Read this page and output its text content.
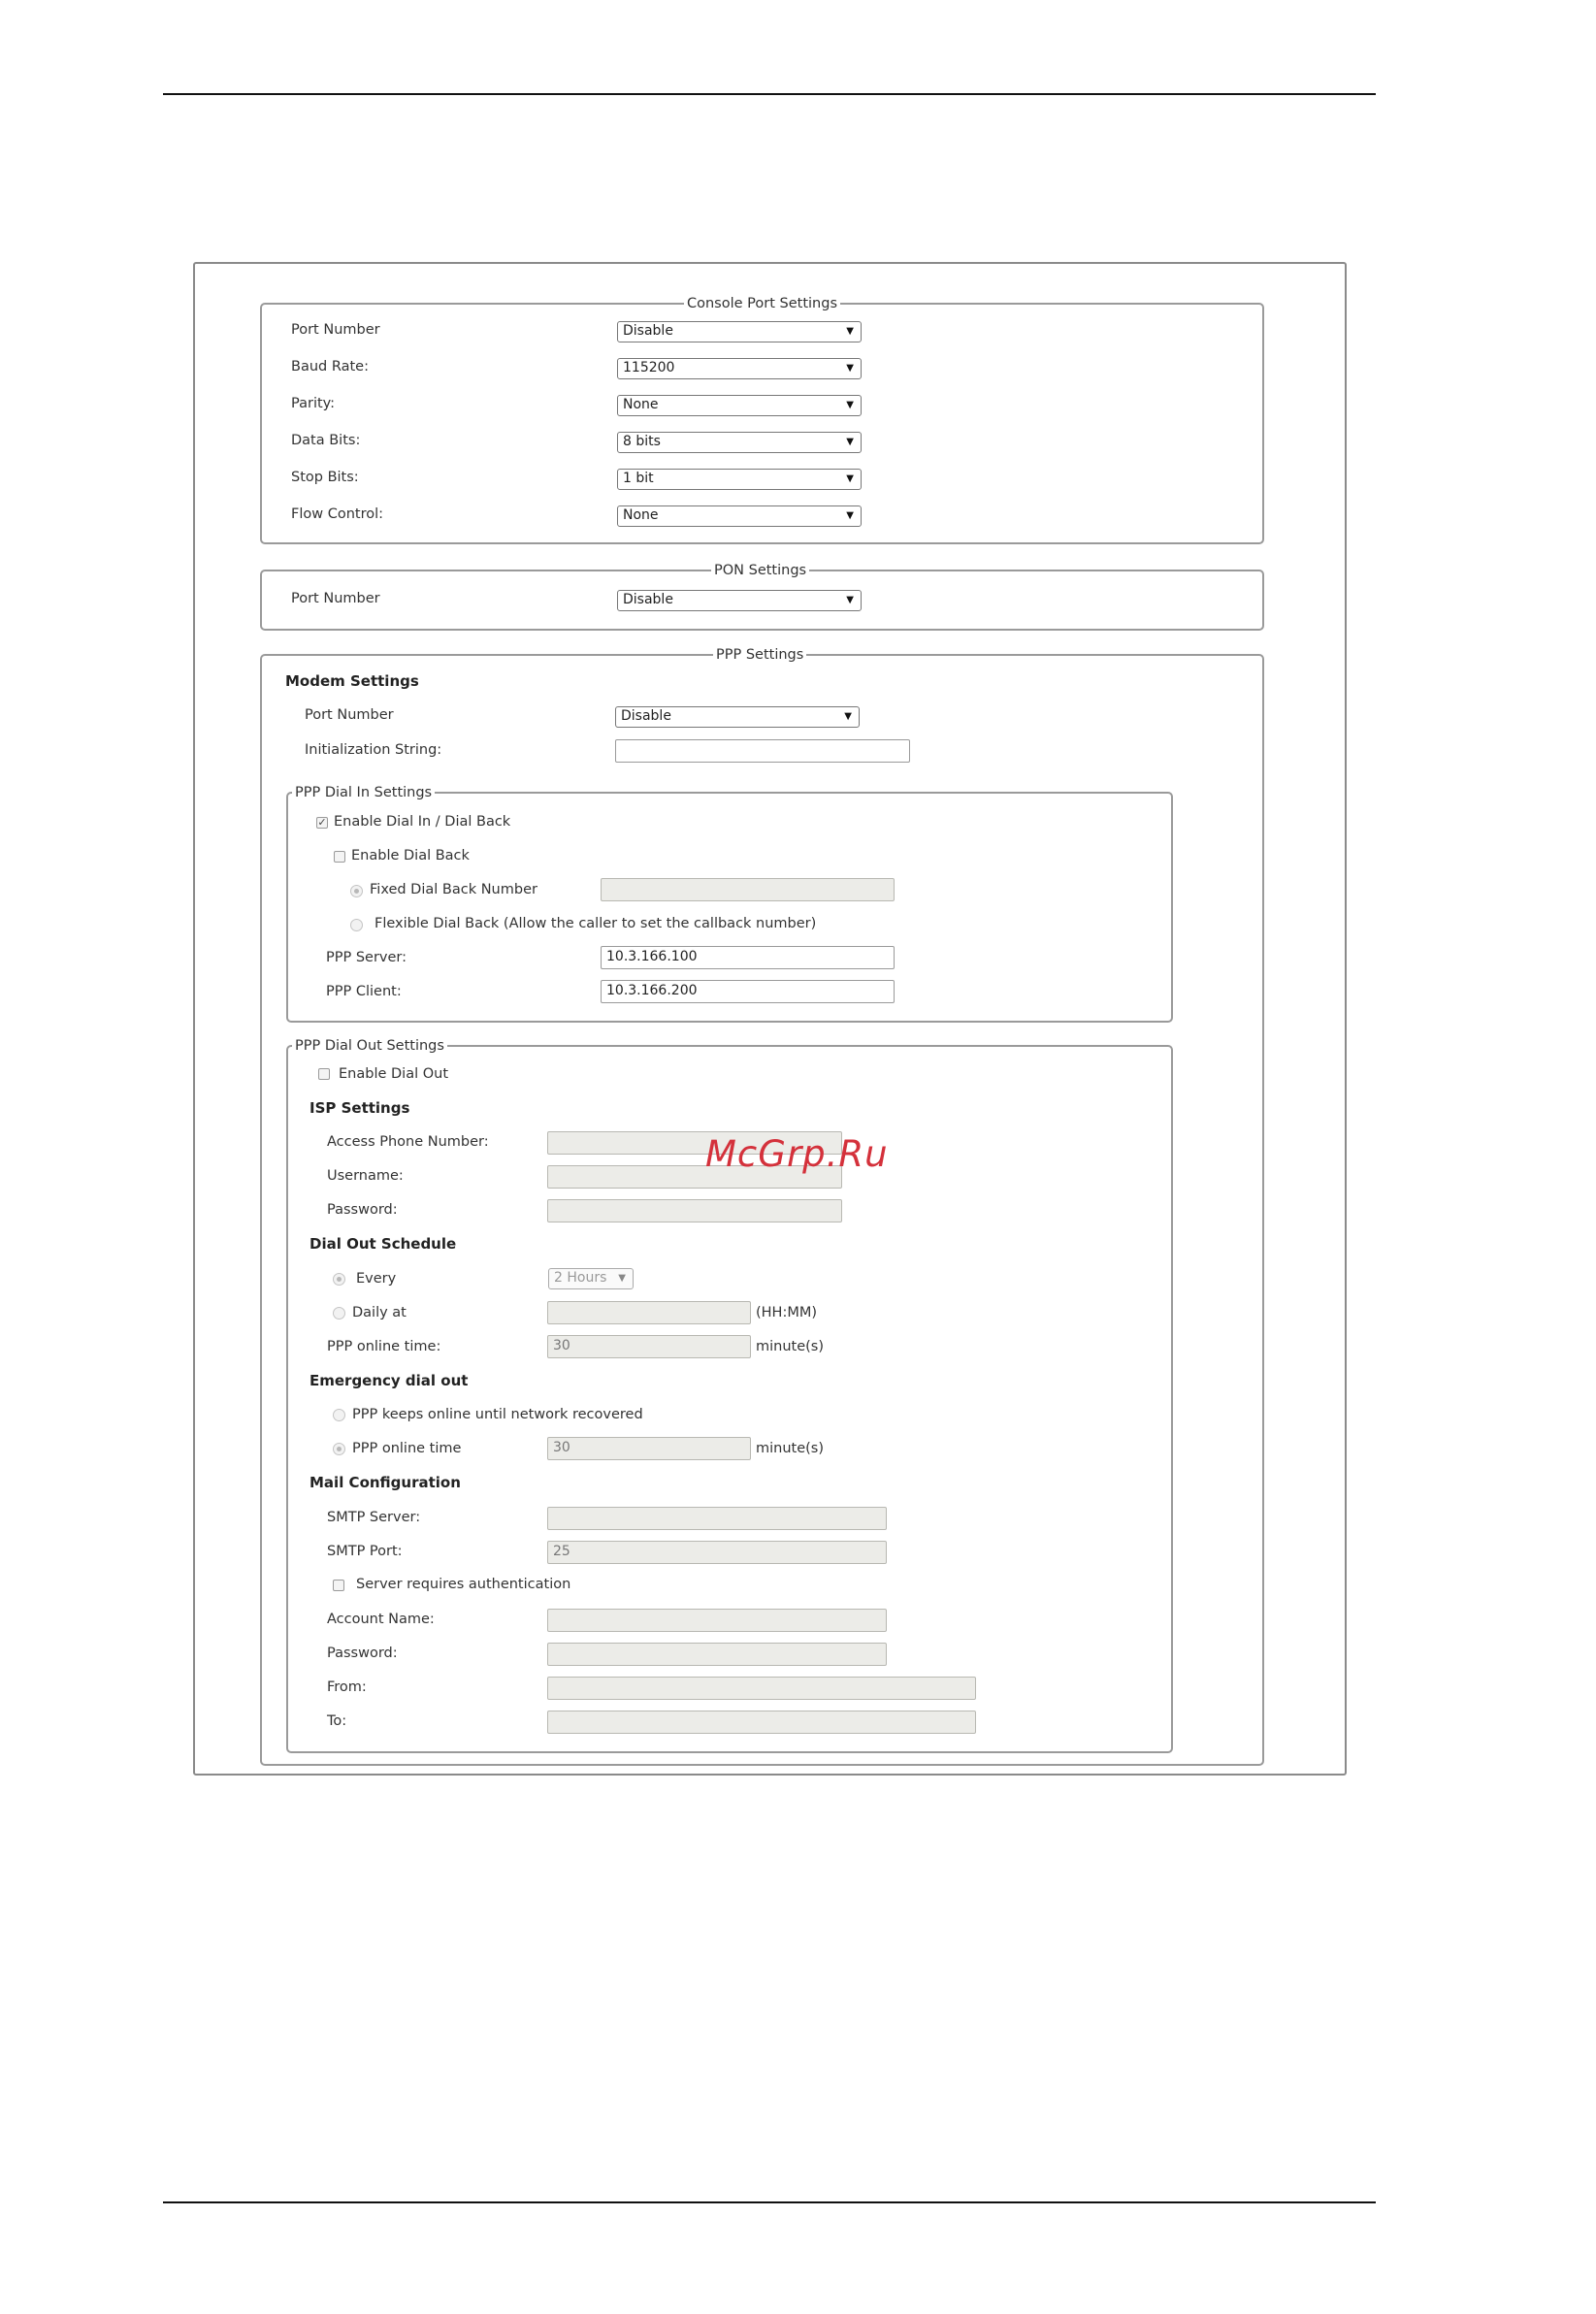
Console Port Settings
Port Number	Disable	▼
Baud Rate:	115200	▼
Parity:	None	▼
Data Bits:	8 bits	▼
Stop Bits:	1 bit	▼
Flow Control:	None	▼
PON Settings
Port Number	Disable	▼
PPP Settings
Modem Settings
Port Number	Disable	▼
Initialization String:
PPP Dial In Settings
✓ Enable Dial In / Dial Back
Enable Dial Back
Fixed Dial Back Number
Flexible Dial Back (Allow the caller to set the callback number)
PPP Server:	10.3.166.100
PPP Client:	10.3.166.200
PPP Dial Out Settings
Enable Dial Out
ISP Settings
Access Phone Number:
Username:
Password:
Dial Out Schedule
Every	2 Hours ▼
Daily at	(HH:MM)
PPP online time:	30	minute(s)
Emergency dial out
PPP keeps online until network recovered
PPP online time	30	minute(s)
Mail Configuration
SMTP Server:
SMTP Port:	25
Server requires authentication
Account Name:
Password:
From:
To:
McGrp.Ru
